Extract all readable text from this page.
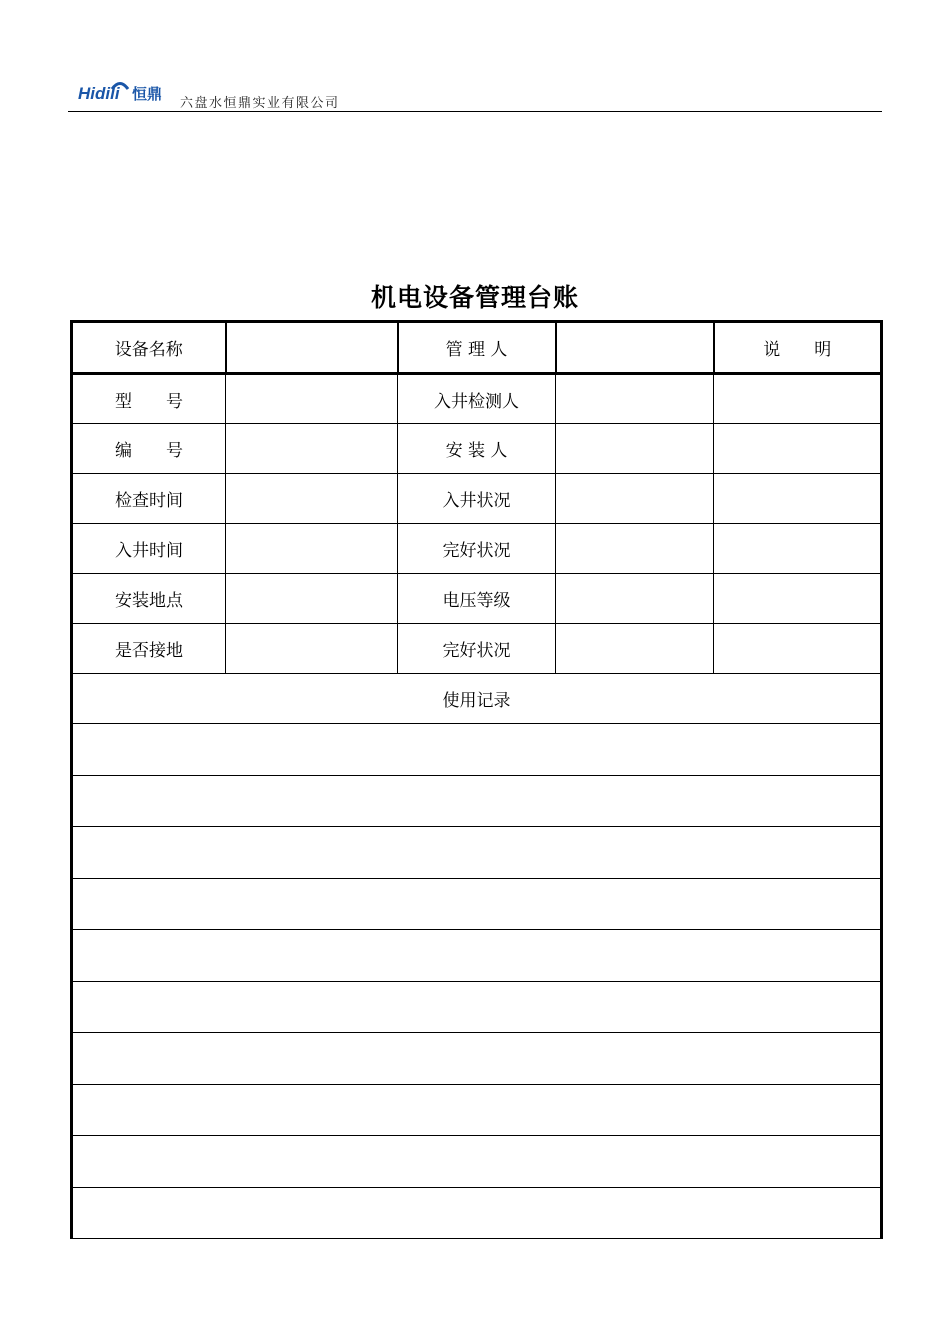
Hidili 恒鼎
六盘水恒鼎实业有限公司
机电设备管理台账
设备名称		管 理 人		说　　明
型　　号		入井检测人		
编　　号		安 装 人		
检查时间		入井状况		
入井时间		完好状况		
安装地点		电压等级		
是否接地		完好状况		
使用记录				
